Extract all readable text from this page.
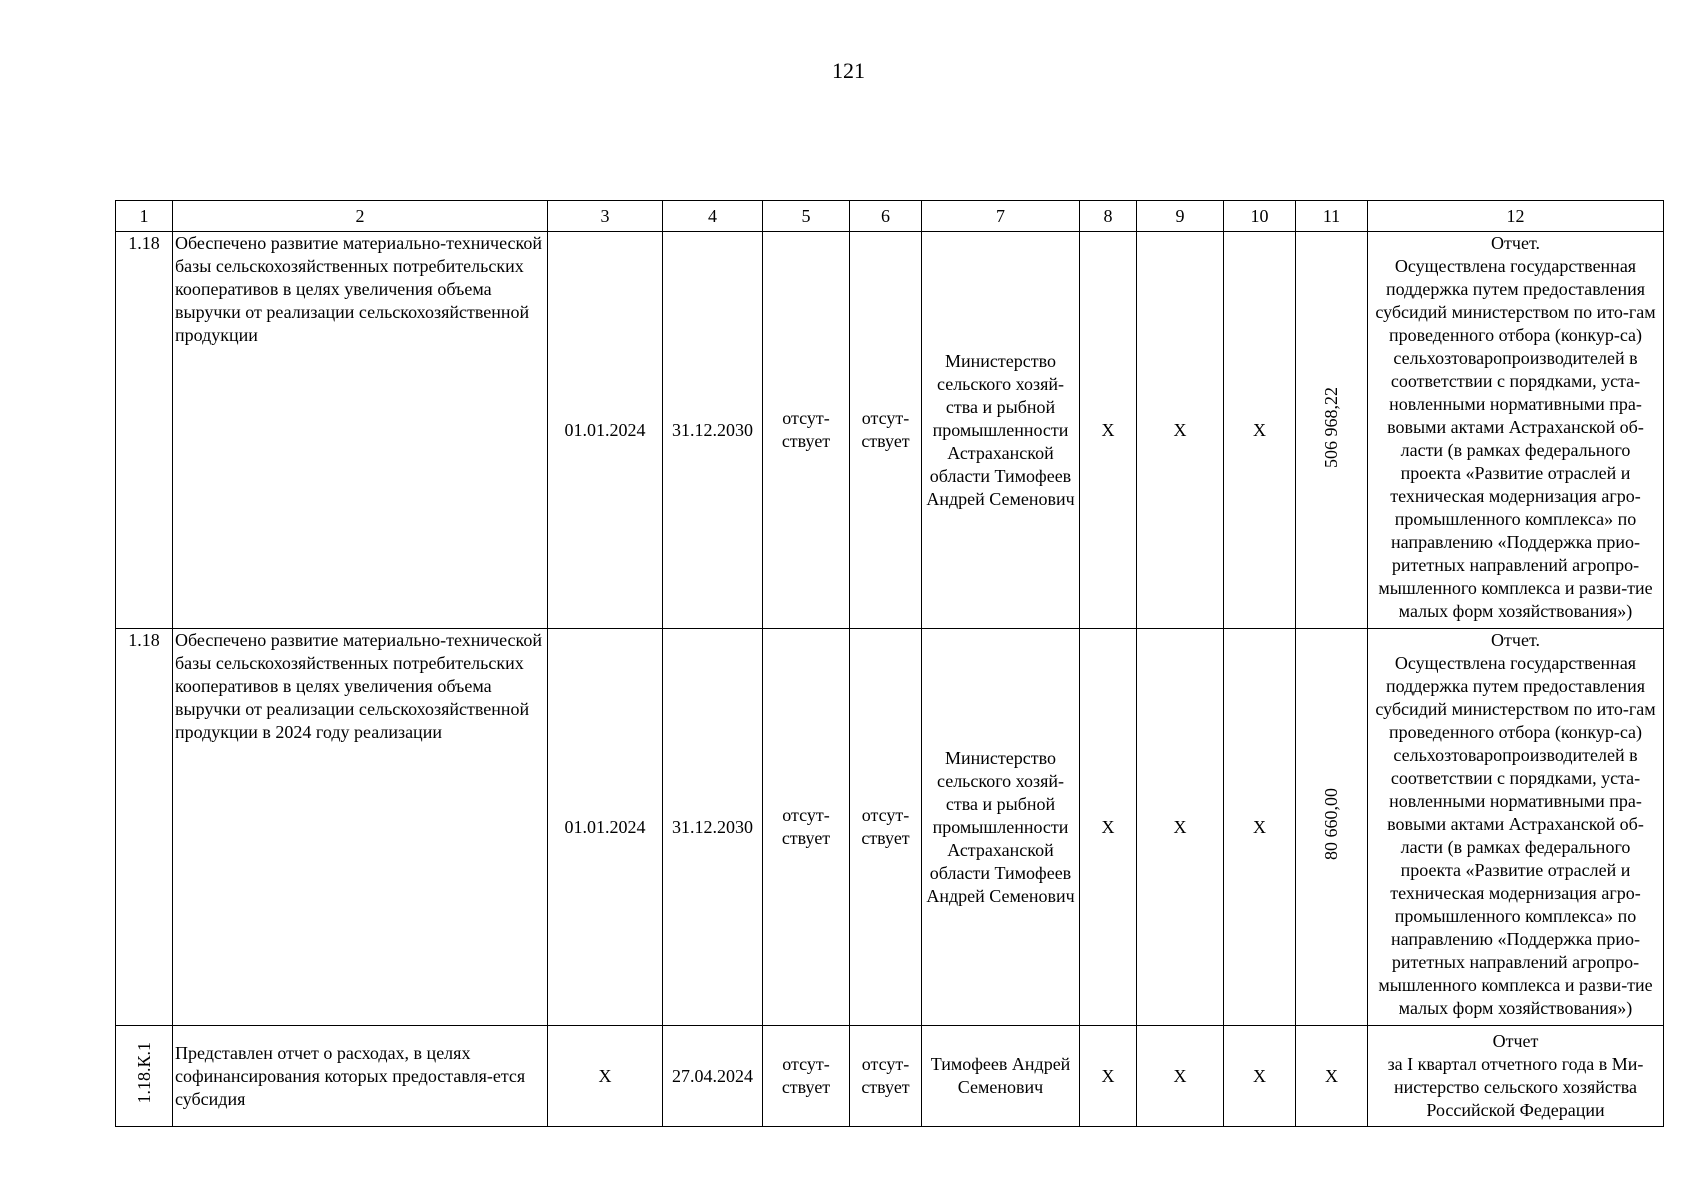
121
1	2	3	4	5	6	7	8	9	10	11	12
1.18	Обеспечено развитие материально-технической базы сельскохозяйственных потребительских кооперативов в целях увеличения объема выручки от реализации сельскохозяйственной продукции	01.01.2024	31.12.2030	отсут-ствует	отсут-ствует	Министерство сельского хозяй-ства и рыбной промышленности Астраханской области Тимофеев Андрей Семенович	Х	Х	Х	506 968,22	Отчет.
Осуществлена государственная поддержка путем предоставления субсидий министерством по ито-гам проведенного отбора (конкур-са) сельхозтоваропроизводителей в соответствии с порядками, уста-новленными нормативными пра-вовыми актами Астраханской об-ласти (в рамках федерального проекта «Развитие отраслей и техническая модернизация агро-промышленного комплекса» по направлению «Поддержка прио-ритетных направлений агропро-мышленного комплекса и разви-тие малых форм хозяйствования»)

1.18	Обеспечено развитие материально-технической базы сельскохозяйственных потребительских кооперативов в целях увеличения объема выручки от реализации сельскохозяйственной продукции в 2024 году реализации	01.01.2024	31.12.2030	отсут-ствует	отсут-ствует	Министерство сельского хозяй-ства и рыбной промышленности Астраханской области Тимофеев Андрей Семенович	Х	Х	Х	80 660,00	Отчет.
Осуществлена государственная поддержка путем предоставления субсидий министерством по ито-гам проведенного отбора (конкур-са) сельхозтоваропроизводителей в соответствии с порядками, уста-новленными нормативными пра-вовыми актами Астраханской об-ласти (в рамках федерального проекта «Развитие отраслей и техническая модернизация агро-промышленного комплекса» по направлению «Поддержка прио-ритетных направлений агропро-мышленного комплекса и разви-тие малых форм хозяйствования»)

1.18.К.1	Представлен отчет о расходах, в целях софинансирования которых предоставля-ется субсидия	Х	27.04.2024	отсут-ствует	отсут-ствует	Тимофеев Андрей Семенович	Х	Х	Х	Х	Отчет
за I квартал отчетного года в Ми-нистерство сельского хозяйства Российской Федерации
